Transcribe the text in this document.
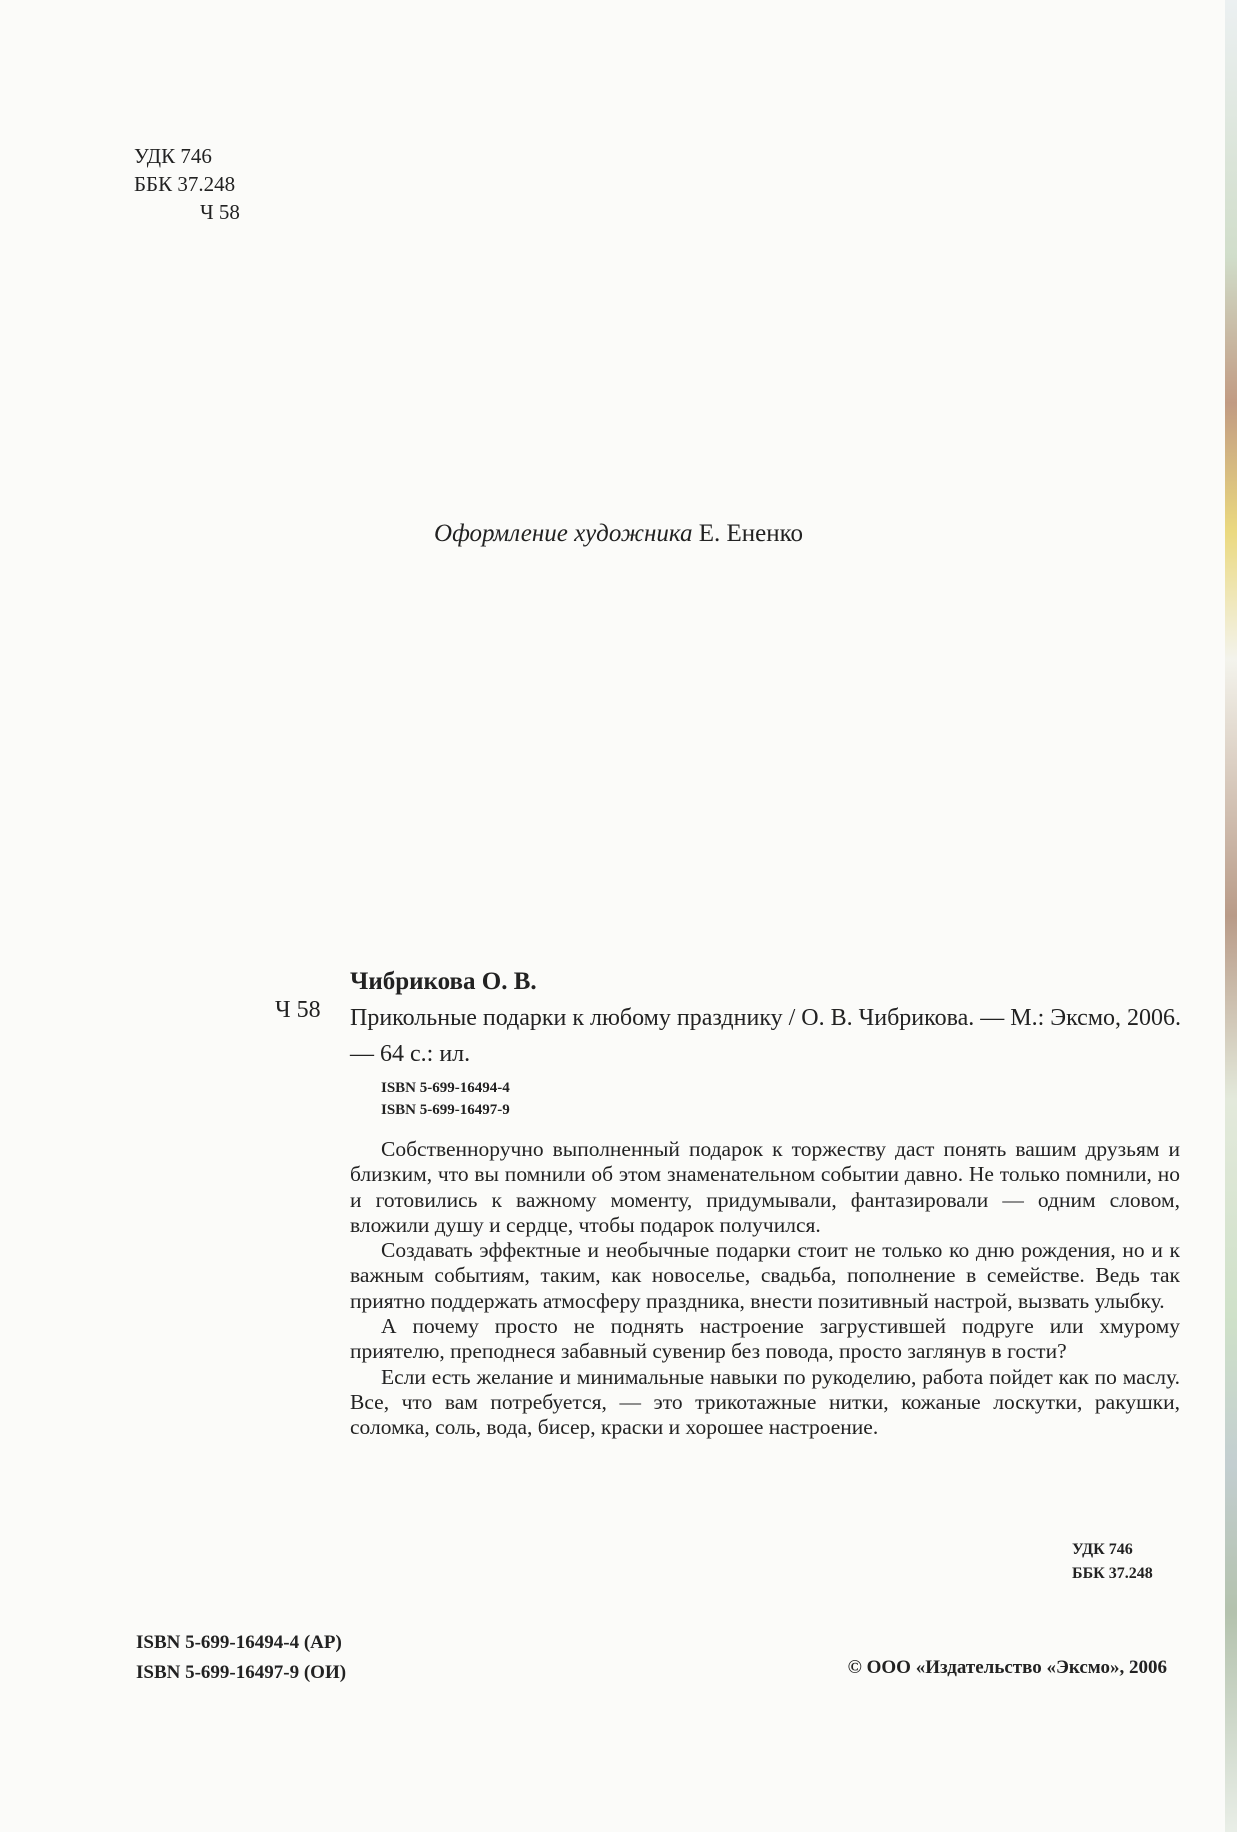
УДК 746
ББК 37.248
Ч 58
Оформление художника Е. Ененко
Чибрикова О. В.
Ч 58 Прикольные подарки к любому празднику / О. В. Чибрикова. — М.: Эксмо, 2006. — 64 с.: ил.
ISBN 5-699-16494-4
ISBN 5-699-16497-9

Собственноручно выполненный подарок к торжеству даст понять вашим друзьям и близким, что вы помнили об этом знаменательном событии давно. Не только помнили, но и готовились к важному моменту, придумывали, фантазировали — одним словом, вложили душу и сердце, чтобы подарок получился.

Создавать эффектные и необычные подарки стоит не только ко дню рождения, но и к важным событиям, таким, как новоселье, свадьба, пополнение в семействе. Ведь так приятно поддержать атмосферу праздника, внести позитивный настрой, вызвать улыбку.

А почему просто не поднять настроение загрустившей подруге или хмурому приятелю, преподнеся забавный сувенир без повода, просто заглянув в гости?

Если есть желание и минимальные навыки по рукоделию, работа пойдет как по маслу. Все, что вам потребуется, — это трикотажные нитки, кожаные лоскутки, ракушки, соломка, соль, вода, бисер, краски и хорошее настроение.

УДК 746
ББК 37.248
ISBN 5-699-16494-4 (АР)
ISBN 5-699-16497-9 (ОИ)	© ООО «Издательство «Эксмо», 2006
